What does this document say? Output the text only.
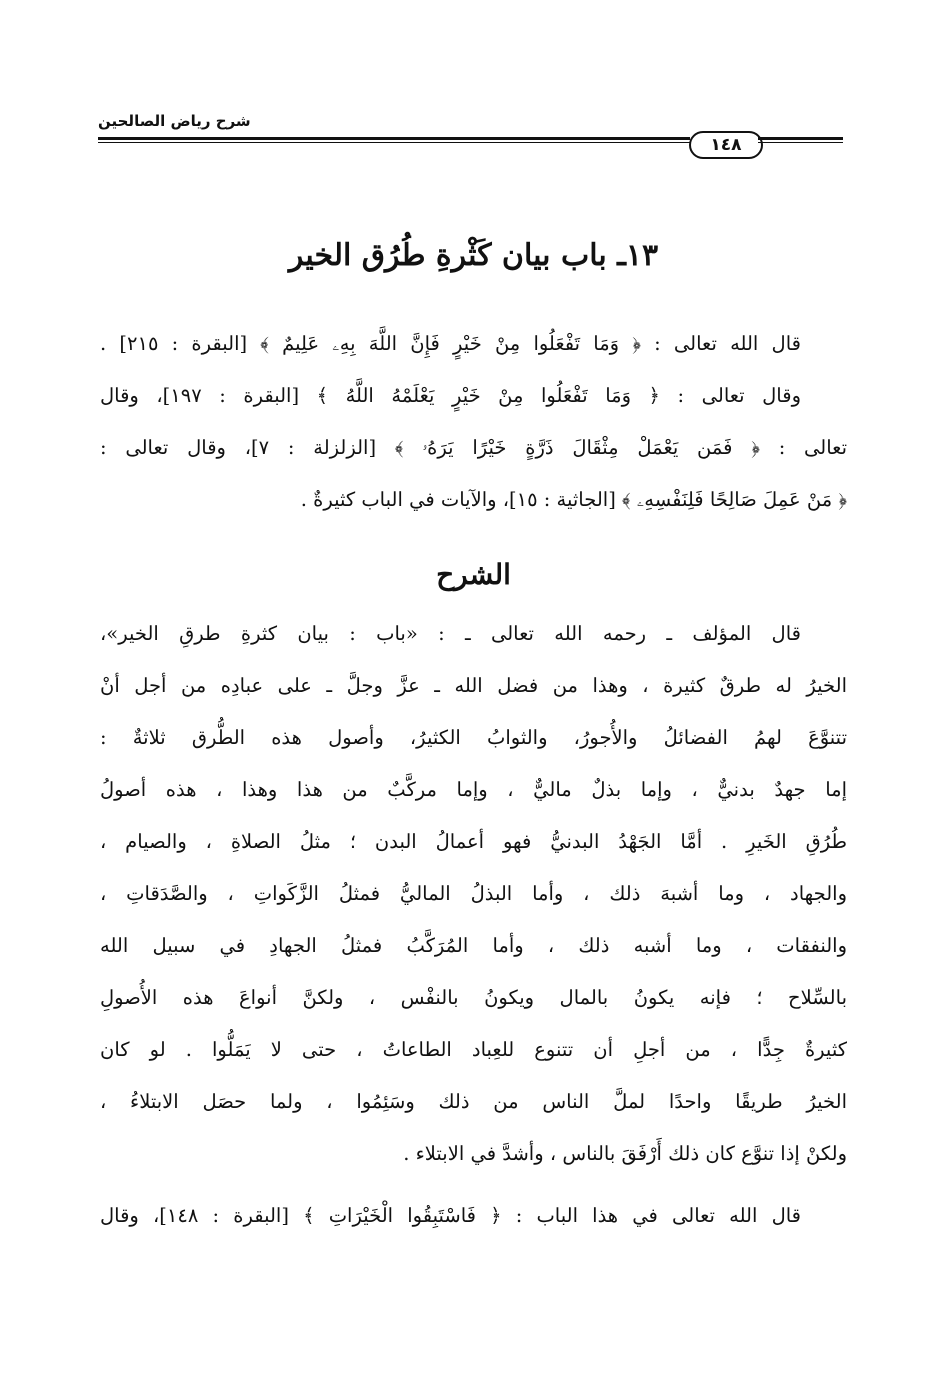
شرح رياض الصالحين
١٤٨
١٣ـ باب بيان كَثْرةِ طُرُق الخير
قال الله تعالى : ﴿ وَمَا تَفْعَلُوا مِنْ خَيْرٍ فَإِنَّ اللَّهَ بِهِۦ عَلِيمٌ ﴾ [البقرة : ٢١٥] .
وقال تعالى : ﴿ وَمَا تَفْعَلُوا مِنْ خَيْرٍ يَعْلَمْهُ اللَّهُ ﴾ [البقرة : ١٩٧]، وقال
تعالى : ﴿ فَمَن يَعْمَلْ مِثْقَالَ ذَرَّةٍ خَيْرًا يَرَهُۥ ﴾ [الزلزلة : ٧]، وقال تعالى :
﴿ مَنْ عَمِلَ صَالِحًا فَلِنَفْسِهِۦ ﴾ [الجاثية : ١٥]، والآيات في الباب كثيرةٌ .
الشرح
قال المؤلف ـ رحمه الله تعالى ـ : «باب : بيان كثرةِ طرقِ الخير»،
الخيرُ له طرقٌ كثيرة ، وهذا من فضل الله ـ عزَّ وجلَّ ـ على عبادِه من أجل أنْ
تتنوَّعَ لهمُ الفضائلُ والأُجورُ، والثوابُ الكثيرُ، وأصول هذه الطُّرق ثلاثةٌ :
إما جهدٌ بدنيٌّ ، وإما بذلٌ ماليٌّ ، وإما مركَّبٌ من هذا وهذا ، هذه أصولُ
طُرُقِ الخَيرِ . أمَّا الجَهْدُ البدنيُّ فهو أعمالُ البدن ؛ مثلُ الصلاةِ ، والصيام ،
والجهاد ، وما أشبهَ ذلك ، وأما البذلُ الماليُّ فمثلُ الزَّكَواتِ ، والصَّدَقاتِ ،
والنفقات ، وما أشبه ذلك ، وأما المُرَكَّبُ فمثلُ الجهادِ في سبيل الله
بالسِّلاح ؛ فإنه يكونُ بالمال ويكونُ بالنفْس ، ولكنَّ أنواعَ هذه الأُصولِ
كثيرةٌ جِدًّا ، من أجلِ أن تتنوع للعِباد الطاعاتُ ، حتى لا يَمَلُّوا . لو كان
الخيرُ طريقًا واحدًا لملَّ الناس من ذلك وسَئِمُوا ، ولما حصَل الابتلاءُ ،
ولكنْ إذا تنوَّع كان ذلك أَرْفَقَ بالناس ، وأشدَّ في الابتلاء .
قال الله تعالى في هذا الباب : ﴿ فَاسْتَبِقُوا الْخَيْرَاتِ ﴾ [البقرة : ١٤٨]، وقال
